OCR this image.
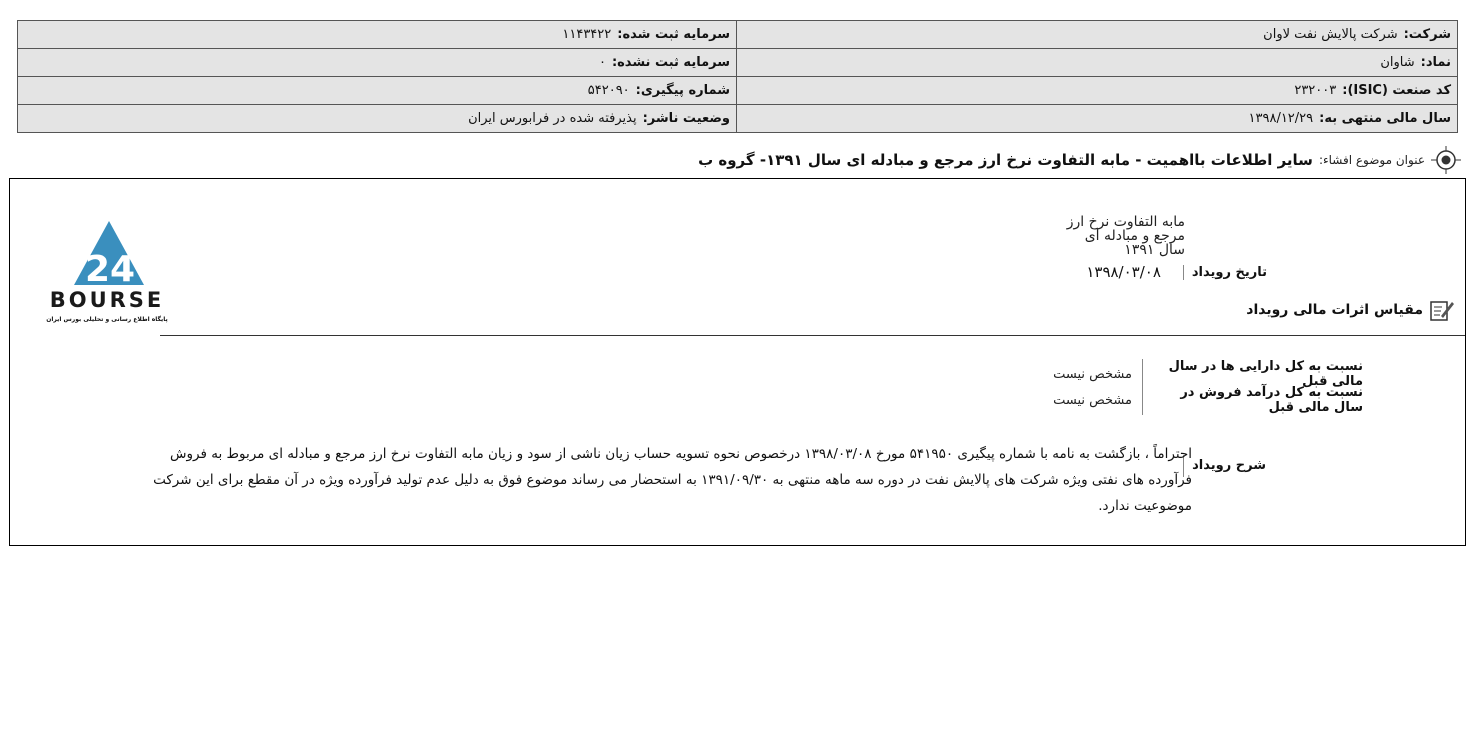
شرکت:شرکت پالایش نفت لاوان	سرمایه ثبت شده:۱۱۴۳۴۲۲
نماد:شاوان	سرمایه ثبت نشده:۰
کد صنعت (ISIC):۲۳۲۰۰۳	شماره پیگیری:۵۴۲۰۹۰
سال مالی منتهی به:۱۳۹۸/۱۲/۲۹	وضعیت ناشر:پذیرفته شده در فرابورس ایران
عنوان موضوع افشاء:
سایر اطلاعات بااهمیت - مابه التفاوت نرخ ارز مرجع و مبادله ای سال ۱۳۹۱- گروه ب
24
BOURSE
پایگاه اطلاع رسانی و تحلیلی بورس ایران
مابه التفاوت نرخ ارز مرجع و مبادله ای سال ۱۳۹۱
تاریخ رویداد
۱۳۹۸/۰۳/۰۸
مقیاس اثرات مالی رویداد
نسبت به کل دارایی ها در سال مالی قبل
مشخص نیست
نسبت به کل درآمد فروش در سال مالی قبل
مشخص نیست
شرح رویداد
احتراماً ، بازگشت به نامه با شماره پیگیری ۵۴۱۹۵۰ مورخ ۱۳۹۸/۰۳/۰۸ درخصوص نحوه تسویه حساب زیان ناشی از سود و زیان مابه التفاوت نرخ ارز مرجع و مبادله ای مربوط به فروش فرآورده های نفتی ویژه شرکت های پالایش نفت در دوره سه ماهه منتهی به ۱۳۹۱/۰۹/۳۰ به استحضار می رساند موضوع فوق به دلیل عدم تولید فرآورده ویژه در آن مقطع برای این شرکت موضوعیت ندارد.
